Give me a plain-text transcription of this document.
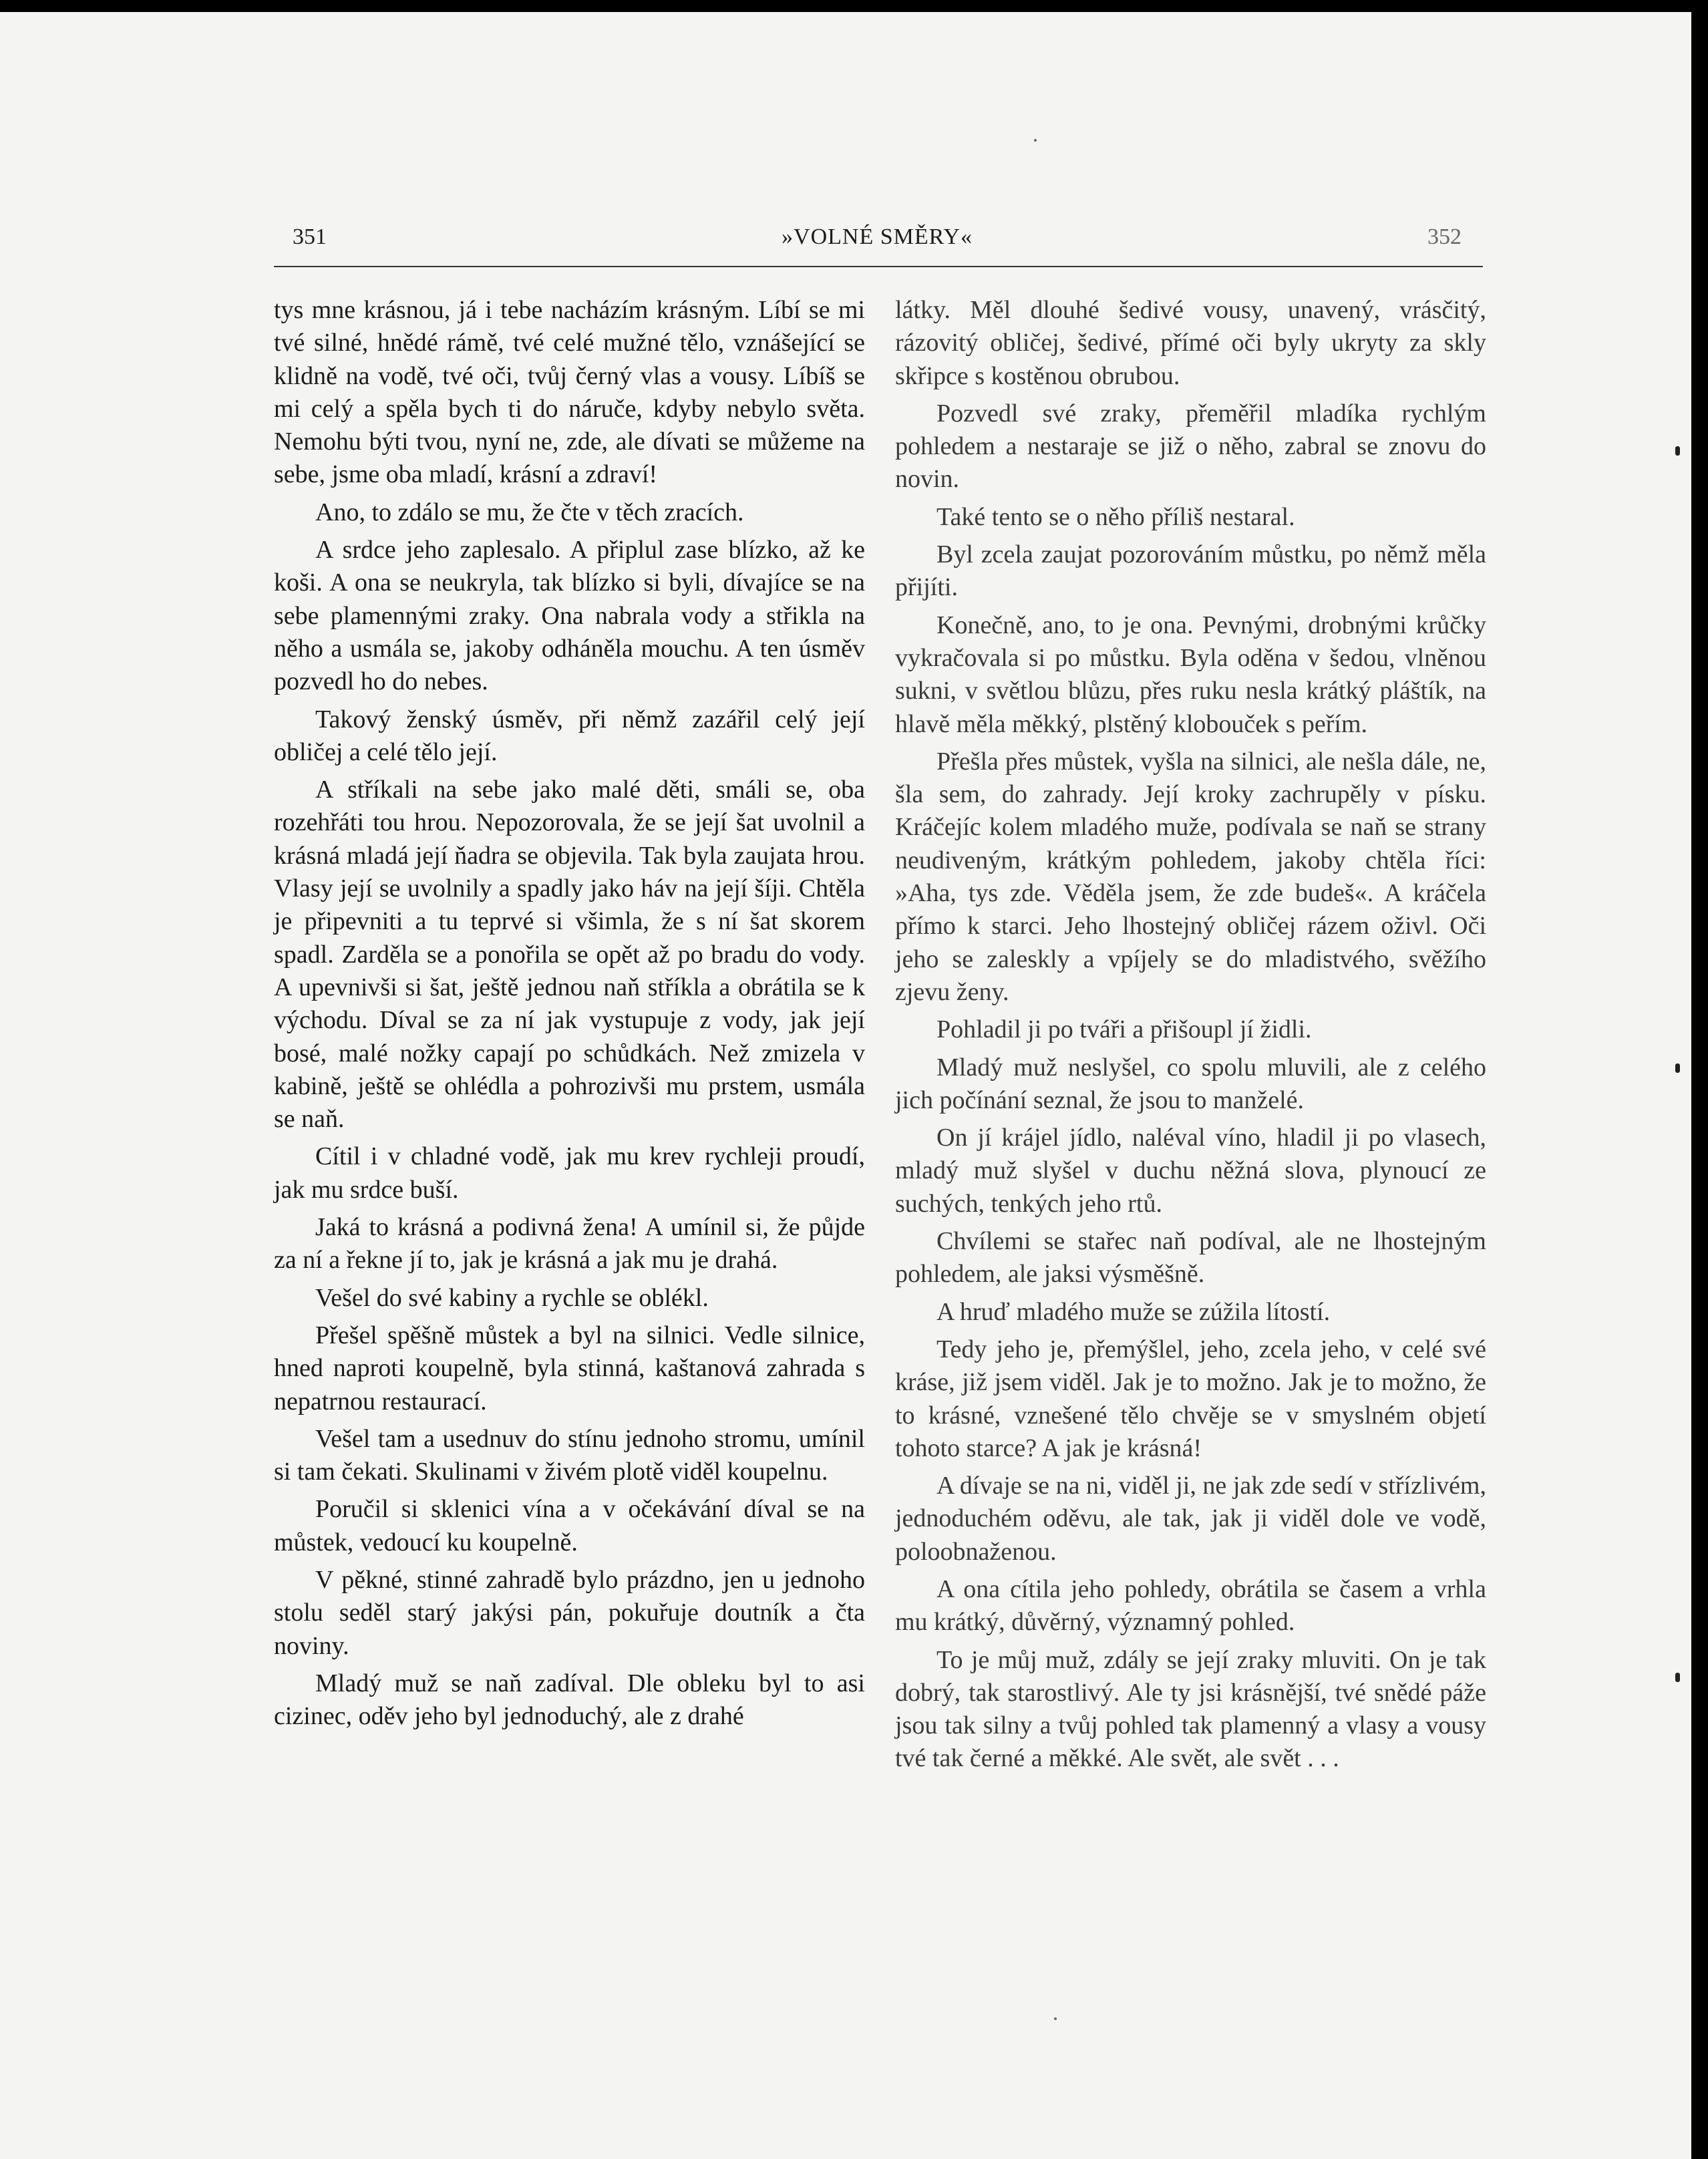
351	»VOLNÉ SMĚRY«	352

tys mne krásnou, já i tebe nacházím krásným. Líbí se mi tvé silné, hnědé rámě, tvé celé mužné tělo, vznášející se klidně na vodě, tvé oči, tvůj černý vlas a vousy. Líbíš se mi celý a spěla bych ti do náruče, kdyby nebylo světa. Nemohu býti tvou, nyní ne, zde, ale dívati se můžeme na sebe, jsme oba mladí, krásní a zdraví!

Ano, to zdálo se mu, že čte v těch zracích.

A srdce jeho zaplesalo. A připlul zase blízko, až ke koši. A ona se neukryla, tak blízko si byli, dívajíce se na sebe plamennými zraky. Ona nabrala vody a střikla na něho a usmála se, jakoby odháněla mouchu. A ten úsměv pozvedl ho do nebes.

Takový ženský úsměv, při němž zazářil celý její obličej a celé tělo její.

A stříkali na sebe jako malé děti, smáli se, oba rozehřáti tou hrou. Nepozorovala, že se její šat uvolnil a krásná mladá její ňadra se objevila. Tak byla zaujata hrou. Vlasy její se uvolnily a spadly jako háv na její šíji. Chtěla je připevniti a tu teprvé si všimla, že s ní šat skorem spadl. Zarděla se a ponořila se opět až po bradu do vody. A upevnivši si šat, ještě jednou naň stříkla a obrátila se k východu. Díval se za ní jak vystupuje z vody, jak její bosé, malé nožky capají po schůdkách. Než zmizela v kabině, ještě se ohlédla a pohrozivši mu prstem, usmála se naň.

Cítil i v chladné vodě, jak mu krev rychleji proudí, jak mu srdce buší.

Jaká to krásná a podivná žena! A umínil si, že půjde za ní a řekne jí to, jak je krásná a jak mu je drahá.

Vešel do své kabiny a rychle se oblékl.

Přešel spěšně můstek a byl na silnici. Vedle silnice, hned naproti koupelně, byla stinná, kaštanová zahrada s nepatrnou restaurací.

Vešel tam a usednuv do stínu jednoho stromu, umínil si tam čekati. Skulinami v živém plotě viděl koupelnu.

Poručil si sklenici vína a v očekávání díval se na můstek, vedoucí ku koupelně.

V pěkné, stinné zahradě bylo prázdno, jen u jednoho stolu seděl starý jakýsi pán, pokuřuje doutník a čta noviny.

Mladý muž se naň zadíval. Dle obleku byl to asi cizinec, oděv jeho byl jednoduchý, ale z drahé

látky. Měl dlouhé šedivé vousy, unavený, vrásčitý, rázovitý obličej, šedivé, přímé oči byly ukryty za skly skřipce s kostěnou obrubou.

Pozvedl své zraky, přeměřil mladíka rychlým pohledem a nestaraje se již o něho, zabral se znovu do novin.

Také tento se o něho příliš nestaral.

Byl zcela zaujat pozorováním můstku, po němž měla přijíti.

Konečně, ano, to je ona. Pevnými, drobnými krůčky vykračovala si po můstku. Byla oděna v šedou, vlněnou sukni, v světlou blůzu, přes ruku nesla krátký pláštík, na hlavě měla měkký, plstěný klobouček s peřím.

Přešla přes můstek, vyšla na silnici, ale nešla dále, ne, šla sem, do zahrady. Její kroky zachrupěly v písku. Kráčejíc kolem mladého muže, podívala se naň se strany neudiveným, krátkým pohledem, jakoby chtěla říci: »Aha, tys zde. Věděla jsem, že zde budeš«. A kráčela přímo k starci. Jeho lhostejný obličej rázem oživl. Oči jeho se zaleskly a vpíjely se do mladistvého, svěžího zjevu ženy.

Pohladil ji po tváři a přišoupl jí židli.

Mladý muž neslyšel, co spolu mluvili, ale z celého jich počínání seznal, že jsou to manželé.

On jí krájel jídlo, naléval víno, hladil ji po vlasech, mladý muž slyšel v duchu něžná slova, plynoucí ze suchých, tenkých jeho rtů.

Chvílemi se stařec naň podíval, ale ne lhostejným pohledem, ale jaksi výsměšně.

A hruď mladého muže se zúžila lítostí.

Tedy jeho je, přemýšlel, jeho, zcela jeho, v celé své kráse, již jsem viděl. Jak je to možno. Jak je to možno, že to krásné, vznešené tělo chvěje se v smyslném objetí tohoto starce? A jak je krásná!

A dívaje se na ni, viděl ji, ne jak zde sedí v střízlivém, jednoduchém oděvu, ale tak, jak ji viděl dole ve vodě, poloobnaženou.

A ona cítila jeho pohledy, obrátila se časem a vrhla mu krátký, důvěrný, významný pohled.

To je můj muž, zdály se její zraky mluviti. On je tak dobrý, tak starostlivý. Ale ty jsi krásnější, tvé snědé páže jsou tak silny a tvůj pohled tak plamenný a vlasy a vousy tvé tak černé a měkké. Ale svět, ale svět . . .
